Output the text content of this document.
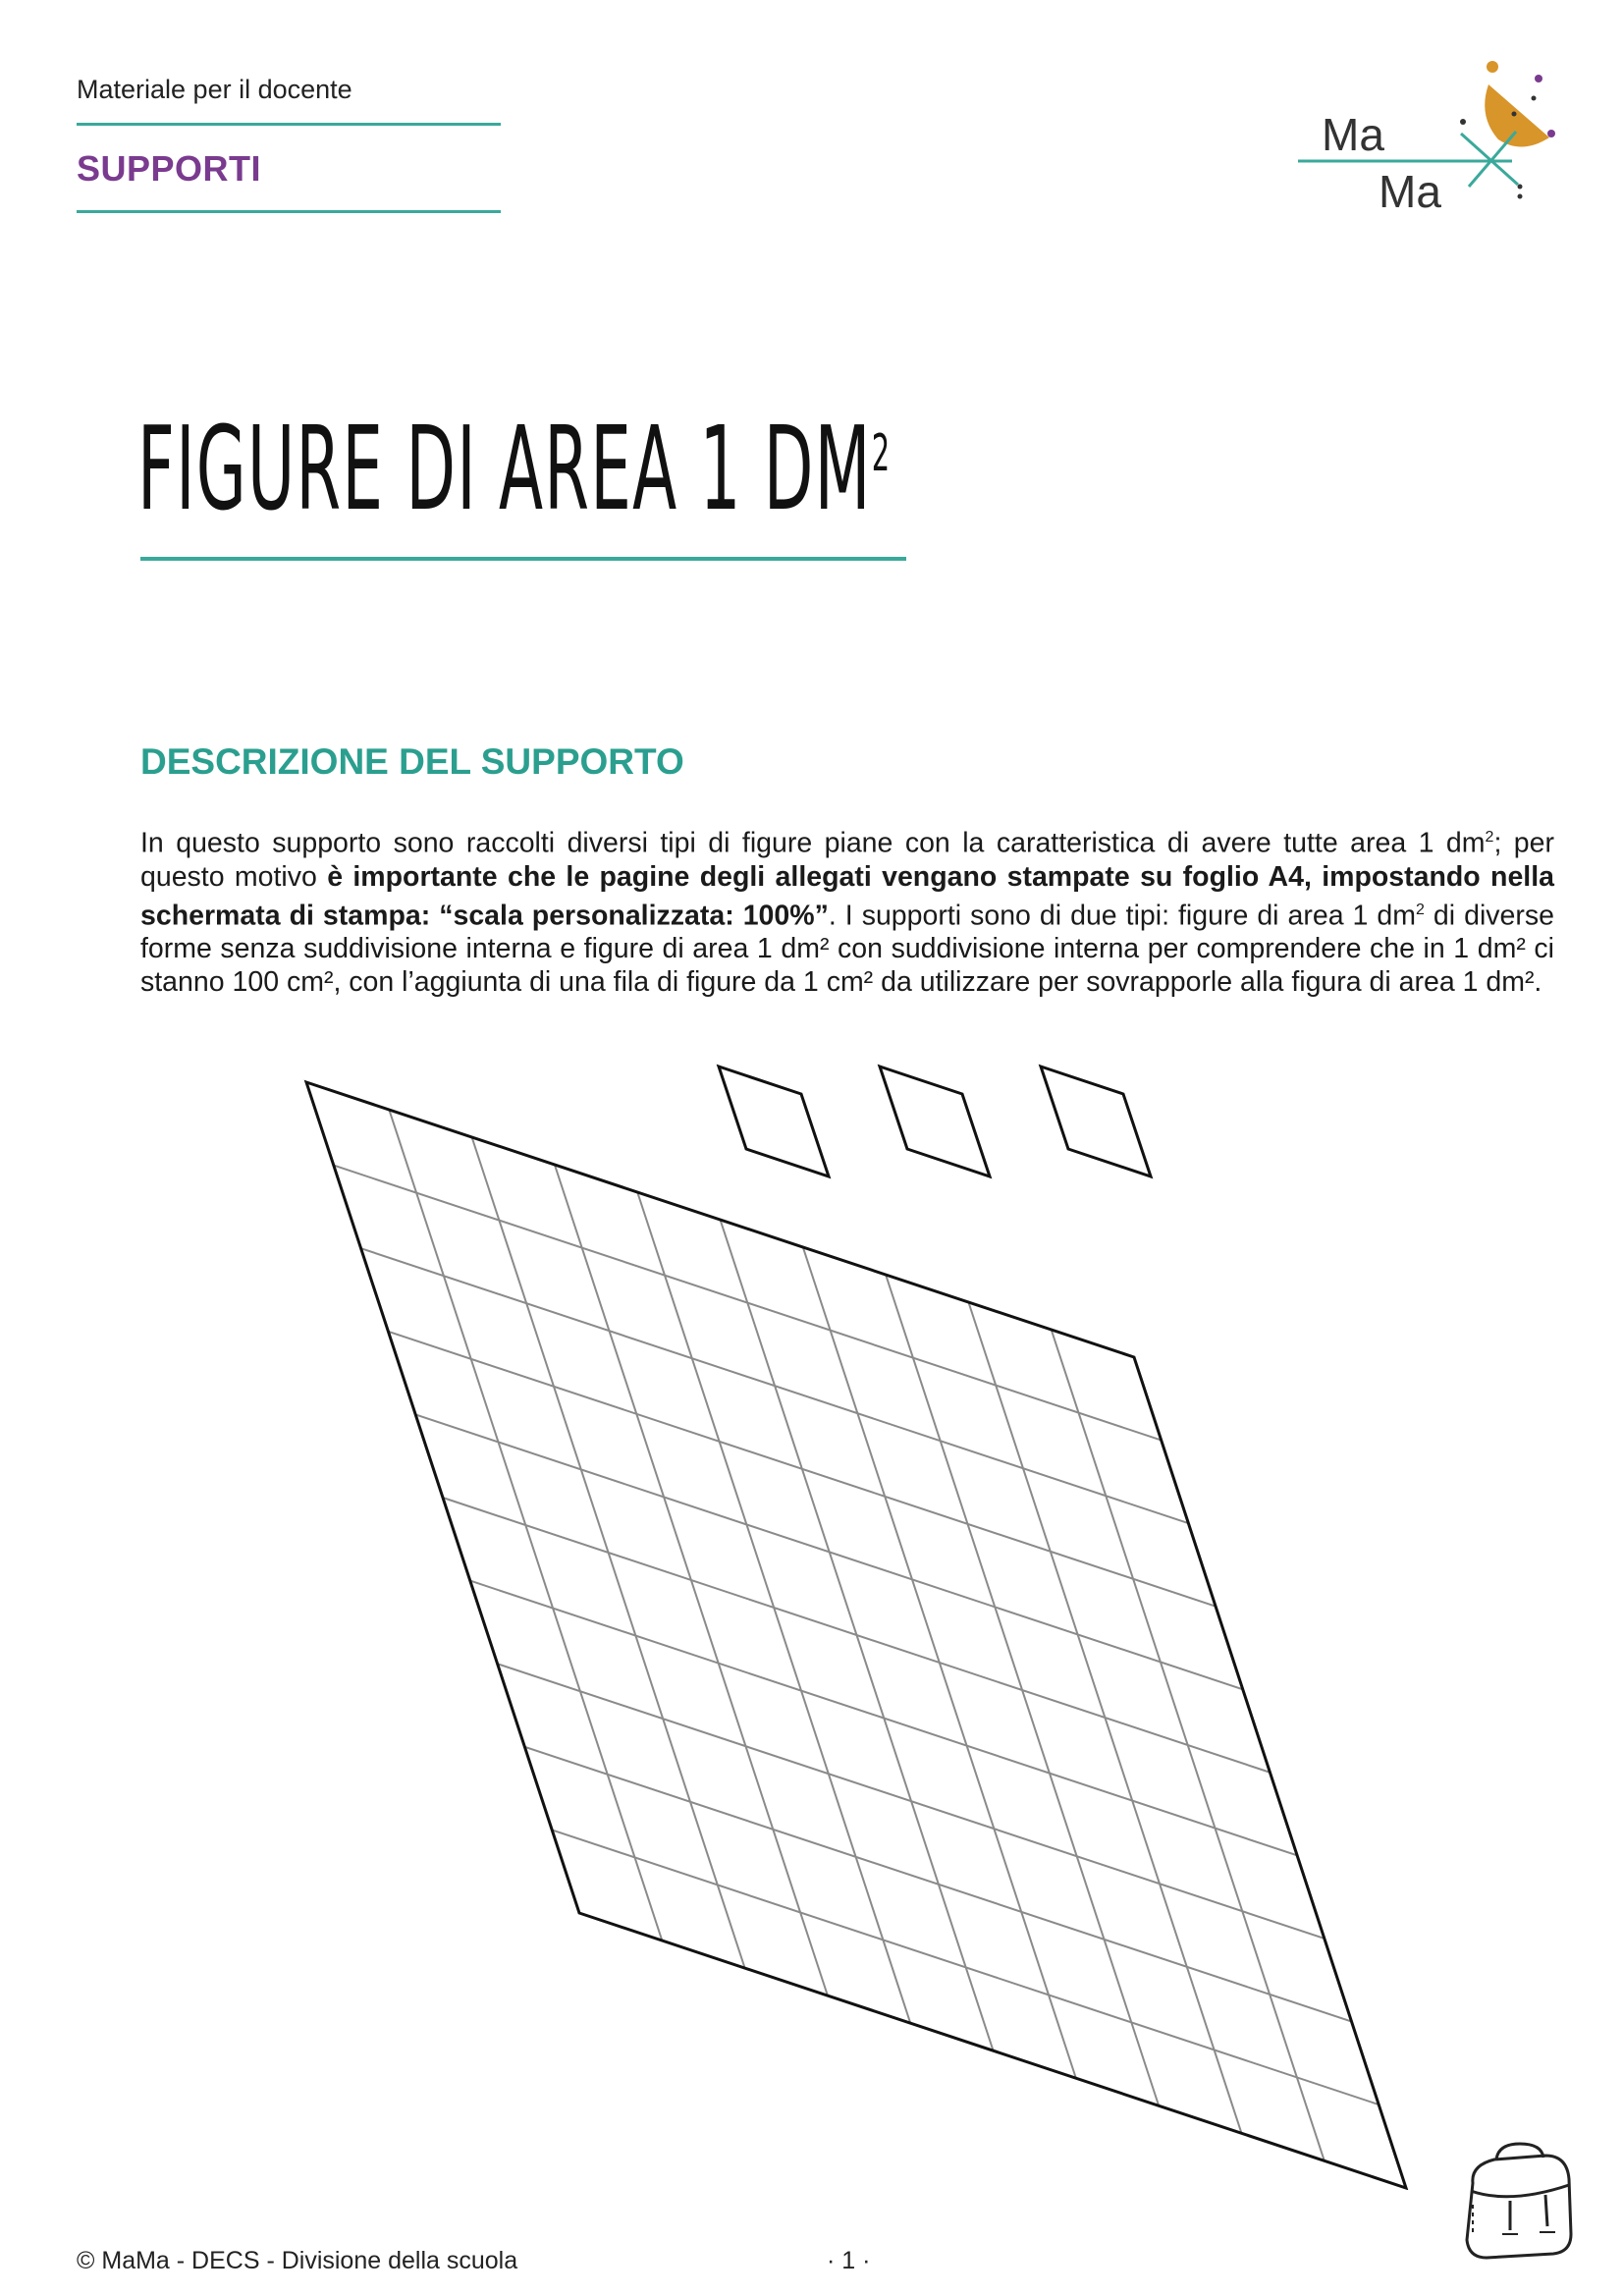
Materiale per il docente
SUPPORTI
Ma
Ma
FIGURE DI AREA 1 $DM^2$
DESCRIZIONE DEL SUPPORTO
In questo supporto sono raccolti diversi tipi di figure piane con la caratteristica di avere tutte area 1 $dm^2$; per questo motivo è importante che le pagine degli allegati vengano stampate su foglio A4, impostando nella schermata di stampa: “scala personalizzata: 100%”. I supporti sono di due tipi: figure di area 1 $dm^2$ di diverse forme senza suddivisione interna e figure di area 1 dm² con suddivisione interna per comprendere che in 1 dm² ci stanno 100 cm², con l’aggiunta di una fila di figure da 1 cm² da utilizzare per sovrapporle alla figura di area 1 dm².
© MaMa - DECS - Divisione della scuola	· 1 ·
